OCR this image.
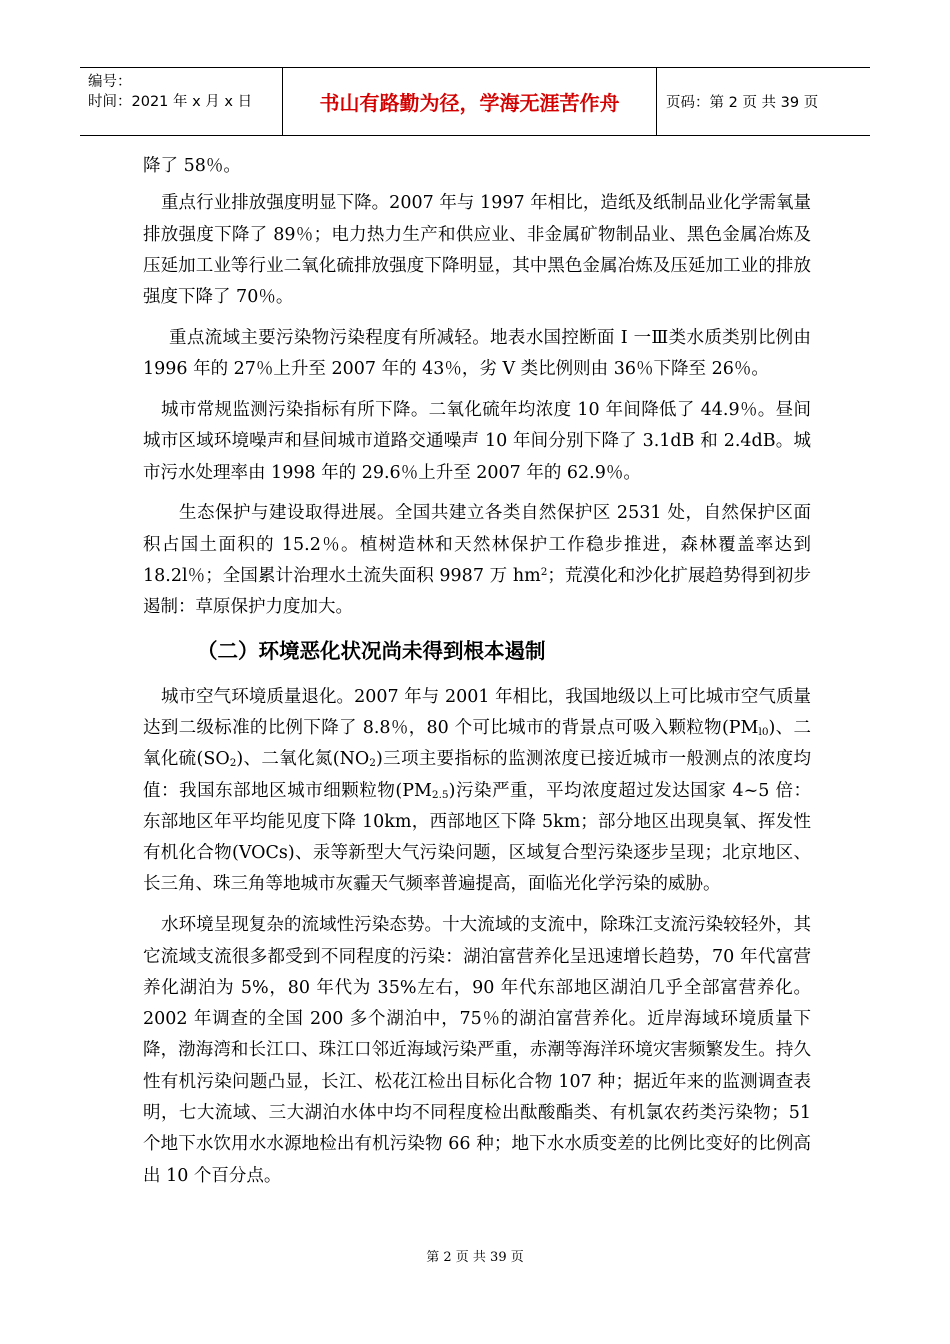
编号：
时间：2021 年 x 月 x 日	书山有路勤为径，学海无涯苦作舟	页码：第 2 页 共 39 页

降了 58％。

重点行业排放强度明显下降。2007 年与 1997 年相比，造纸及纸制品业化学需氧量排放强度下降了 89％；电力热力生产和供应业、非金属矿物制品业、黑色金属冶炼及压延加工业等行业二氧化硫排放强度下降明显，其中黑色金属冶炼及压延加工业的排放强度下降了 70％。

重点流域主要污染物污染程度有所减轻。地表水国控断面 I 一Ⅲ类水质类别比例由 1996 年的 27％上升至 2007 年的 43％，劣 V 类比例则由 36％下降至 26％。

城市常规监测污染指标有所下降。二氧化硫年均浓度 10 年间降低了 44.9％。昼间城市区域环境噪声和昼间城市道路交通噪声 10 年间分别下降了 3.1dB 和 2.4dB。城市污水处理率由 1998 年的 29.6％上升至 2007 年的 62.9％。

生态保护与建设取得进展。全国共建立各类自然保护区 2531 处，自然保护区面积占国土面积的 15.2％。植树造林和天然林保护工作稳步推进，森林覆盖率达到 18.2l％；全国累计治理水土流失面积 9987 万 $hm^2$；荒漠化和沙化扩展趋势得到初步遏制：草原保护力度加大。

（二）环境恶化状况尚未得到根本遏制

城市空气环境质量退化。2007 年与 2001 年相比，我国地级以上可比城市空气质量达到二级标准的比例下降了 8.8％，80 个可比城市的背景点可吸入颗粒物$(PM_{l0})$、二氧化硫$(SO_2)$、二氧化氮$(NO_2)$三项主要指标的监测浓度已接近城市一般测点的浓度均值：我国东部地区城市细颗粒物$(PM_{2.5})$污染严重，平均浓度超过发达国家 4~5 倍：东部地区年平均能见度下降 10km，西部地区下降 5km；部分地区出现臭氧、挥发性有机化合物(VOCs)、汞等新型大气污染问题，区域复合型污染逐步呈现；北京地区、长三角、珠三角等地城市灰霾天气频率普遍提高，面临光化学污染的威胁。

水环境呈现复杂的流域性污染态势。十大流域的支流中，除珠江支流污染较轻外，其它流域支流很多都受到不同程度的污染：湖泊富营养化呈迅速增长趋势，70 年代富营养化湖泊为 5%，80 年代为 35%左右，90 年代东部地区湖泊几乎全部富营养化。2002 年调查的全国 200 多个湖泊中，75％的湖泊富营养化。近岸海域环境质量下降，渤海湾和长江口、珠江口邻近海域污染严重，赤潮等海洋环境灾害频繁发生。持久性有机污染问题凸显，长江、松花江检出目标化合物 107 种；据近年来的监测调查表明，七大流域、三大湖泊水体中均不同程度检出酞酸酯类、有机氯农药类污染物；51 个地下水饮用水水源地检出有机污染物 66 种；地下水水质变差的比例比变好的比例高出 10 个百分点。

第 2 页 共 39 页
